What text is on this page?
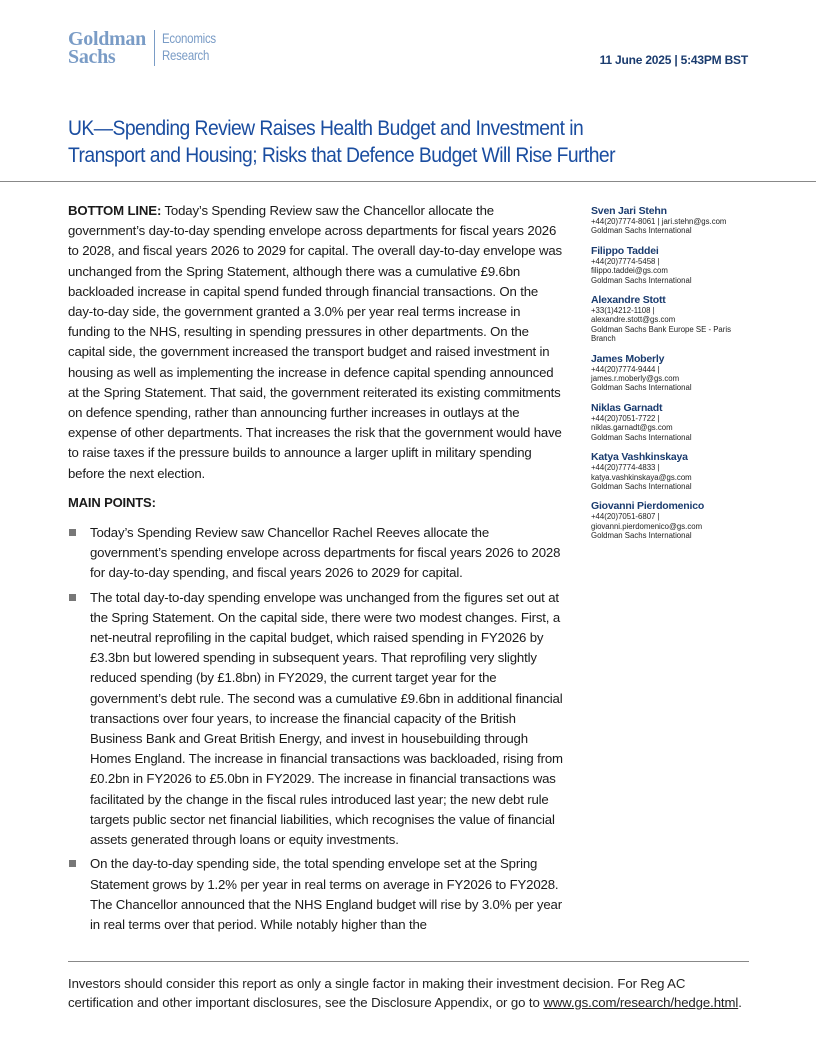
Goldman
Sachs
Economics
Research	11 June 2025 | 5:43PM BST
UK—Spending Review Raises Health Budget and Investment in
Transport and Housing; Risks that Defence Budget Will Rise Further

BOTTOM LINE: Today’s Spending Review saw the Chancellor allocate the government’s day-to-day spending envelope across departments for fiscal years 2026 to 2028, and fiscal years 2026 to 2029 for capital. The overall day-to-day envelope was unchanged from the Spring Statement, although there was a cumulative £9.6bn backloaded increase in capital spend funded through financial transactions. On the day-to-day side, the government granted a 3.0% per year real terms increase in funding to the NHS, resulting in spending pressures in other departments. On the capital side, the government increased the transport budget and raised investment in housing as well as implementing the increase in defence capital spending announced at the Spring Statement. That said, the government reiterated its existing commitments on defence spending, rather than announcing further increases in outlays at the expense of other departments. That increases the risk that the government would have to raise taxes if the pressure builds to announce a larger uplift in military spending before the next election.

MAIN POINTS:
Today’s Spending Review saw Chancellor Rachel Reeves allocate the government’s spending envelope across departments for fiscal years 2026 to 2028 for day-to-day spending, and fiscal years 2026 to 2029 for capital.
The total day-to-day spending envelope was unchanged from the figures set out at the Spring Statement. On the capital side, there were two modest changes. First, a net-neutral reprofiling in the capital budget, which raised spending in FY2026 by £3.3bn but lowered spending in subsequent years. That reprofiling very slightly reduced spending (by £1.8bn) in FY2029, the current target year for the government’s debt rule. The second was a cumulative £9.6bn in additional financial transactions over four years, to increase the financial capacity of the British Business Bank and Great British Energy, and invest in housebuilding through Homes England. The increase in financial transactions was backloaded, rising from £0.2bn in FY2026 to £5.0bn in FY2029. The increase in financial transactions was facilitated by the change in the fiscal rules introduced last year; the new debt rule targets public sector net financial liabilities, which recognises the value of financial assets generated through loans or equity investments.
On the day-to-day spending side, the total spending envelope set at the Spring Statement grows by 1.2% per year in real terms on average in FY2026 to FY2028. The Chancellor announced that the NHS England budget will rise by 3.0% per year in real terms over that period. While notably higher than the
Sven Jari Stehn
+44(20)7774-8061 | jari.stehn@gs.com
Goldman Sachs International
Filippo Taddei
+44(20)7774-5458 |
filippo.taddei@gs.com
Goldman Sachs International
Alexandre Stott
+33(1)4212-1108 |
alexandre.stott@gs.com
Goldman Sachs Bank Europe SE - Paris
Branch
James Moberly
+44(20)7774-9444 |
james.r.moberly@gs.com
Goldman Sachs International
Niklas Garnadt
+44(20)7051-7722 |
niklas.garnadt@gs.com
Goldman Sachs International
Katya Vashkinskaya
+44(20)7774-4833 |
katya.vashkinskaya@gs.com
Goldman Sachs International
Giovanni Pierdomenico
+44(20)7051-6807 |
giovanni.pierdomenico@gs.com
Goldman Sachs International
Investors should consider this report as only a single factor in making their investment decision. For Reg AC certification and other important disclosures, see the Disclosure Appendix, or go to www.gs.com/research/hedge.html.
